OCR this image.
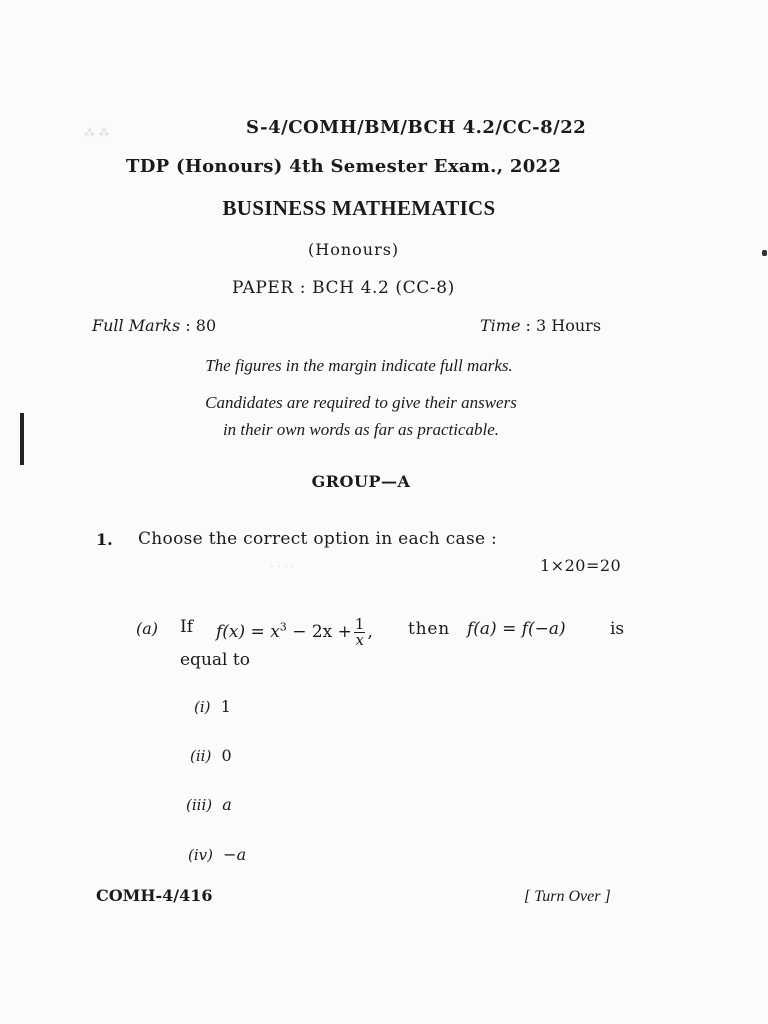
⁂ ⁂
· · · ·
S-4/COMH/BM/BCH 4.2/CC-8/22
TDP (Honours) 4th Semester Exam., 2022
BUSINESS MATHEMATICS
(Honours)
PAPER : BCH 4.2 (CC-8)
Full Marks : 80	Time : 3 Hours
The figures in the margin indicate full marks.
Candidates are required to give their answers
in their own words as far as practicable.
GROUP—A
1. Choose the correct option in each case :
1×20=20
(a) If $f(x) = x^3 - 2x + \frac{1}{x}$ , then f(a) = f(−a)	is
equal to
(i) 1
(ii) 0
(iii) a
(iv) −a
COMH-4/416	[ Turn Over ]
